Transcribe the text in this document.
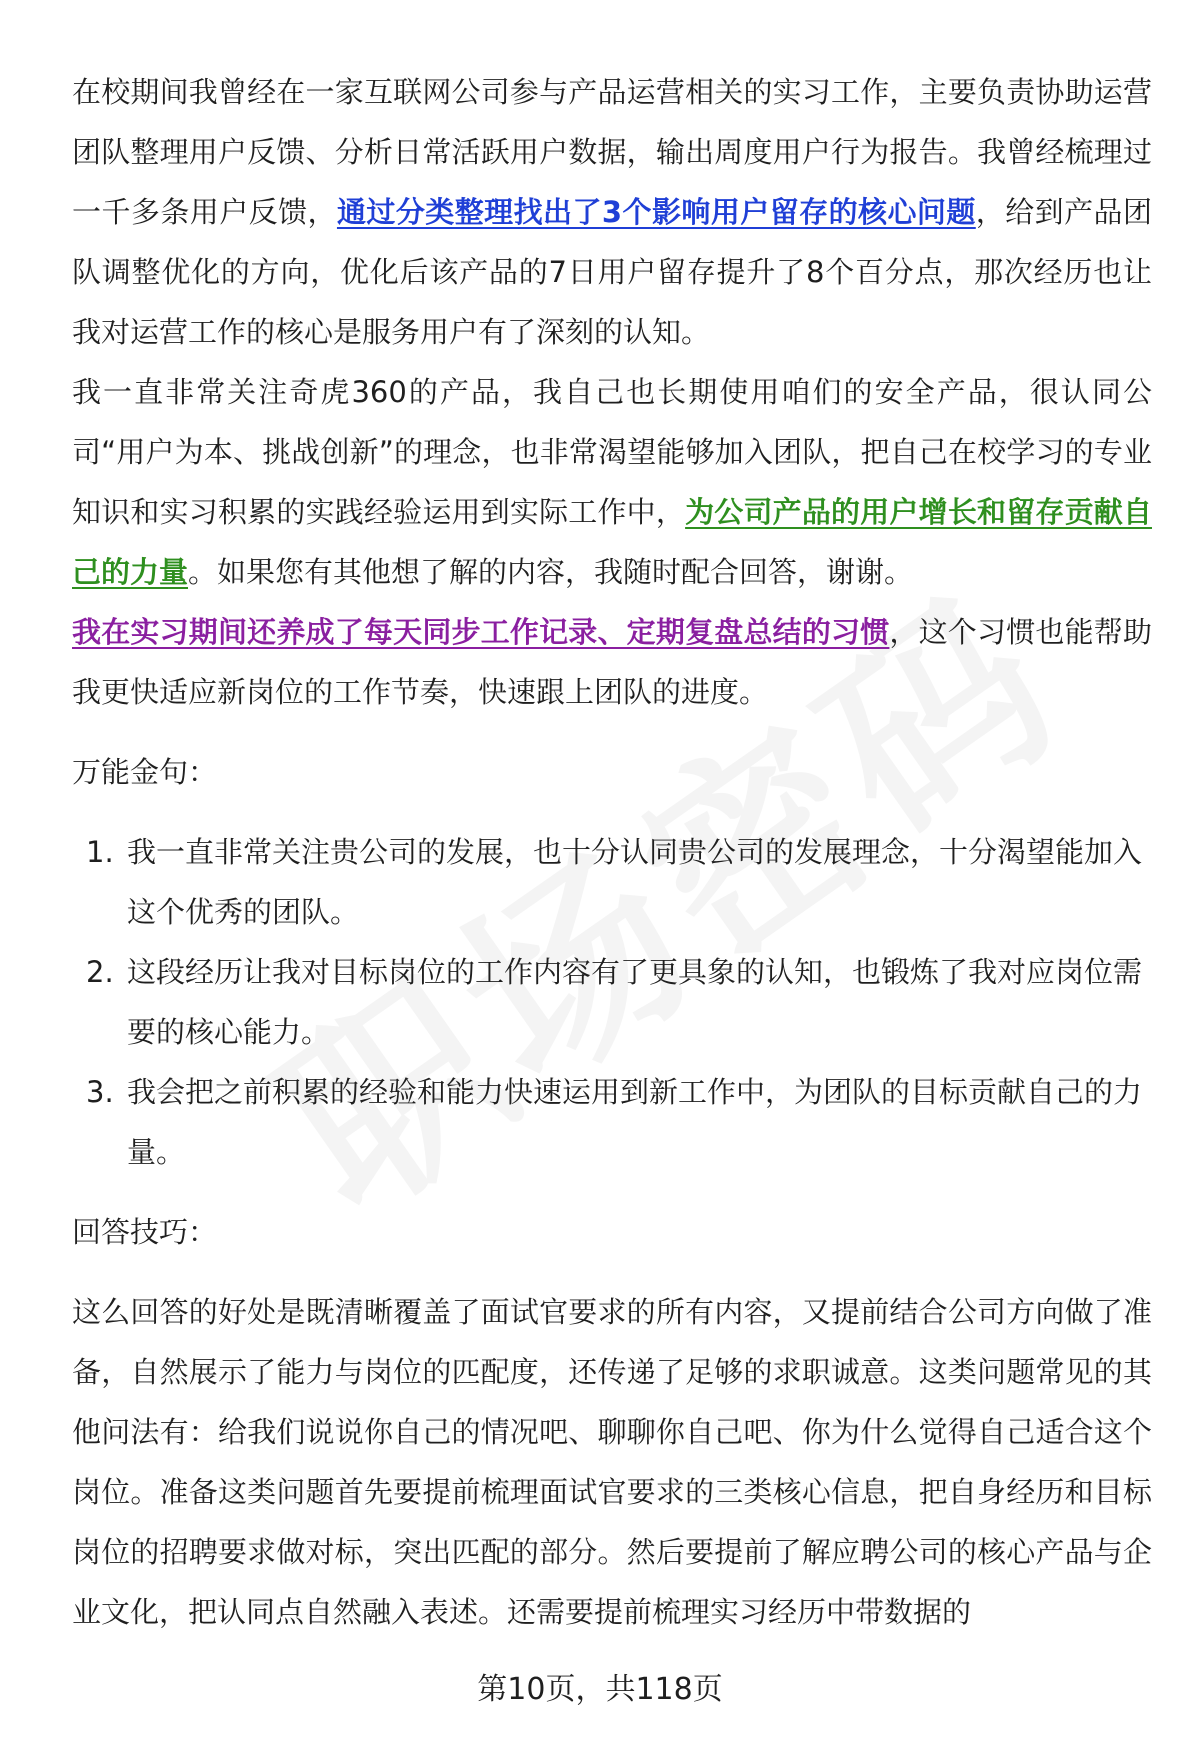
在校期间我曾经在一家互联网公司参与产品运营相关的实习工作，主要负责协助运营团队整理用户反馈、分析日常活跃用户数据，输出周度用户行为报告。我曾经梳理过一千多条用户反馈，通过分类整理找出了3个影响用户留存的核心问题，给到产品团队调整优化的方向，优化后该产品的7日用户留存提升了8个百分点，那次经历也让我对运营工作的核心是服务用户有了深刻的认知。

我一直非常关注奇虎360的产品，我自己也长期使用咱们的安全产品，很认同公司“用户为本、挑战创新”的理念，也非常渴望能够加入团队，把自己在校学习的专业知识和实习积累的实践经验运用到实际工作中，为公司产品的用户增长和留存贡献自己的力量。如果您有其他想了解的内容，我随时配合回答，谢谢。

我在实习期间还养成了每天同步工作记录、定期复盘总结的习惯，这个习惯也能帮助我更快适应新岗位的工作节奏，快速跟上团队的进度。

万能金句：

1. 我一直非常关注贵公司的发展，也十分认同贵公司的发展理念，十分渴望能加入这个优秀的团队。
2. 这段经历让我对目标岗位的工作内容有了更具象的认知，也锻炼了我对应岗位需要的核心能力。
3. 我会把之前积累的经验和能力快速运用到新工作中，为团队的目标贡献自己的力量。

回答技巧：

这么回答的好处是既清晰覆盖了面试官要求的所有内容，又提前结合公司方向做了准备，自然展示了能力与岗位的匹配度，还传递了足够的求职诚意。这类问题常见的其他问法有：给我们说说你自己的情况吧、聊聊你自己吧、你为什么觉得自己适合这个岗位。准备这类问题首先要提前梳理面试官要求的三类核心信息，把自身经历和目标岗位的招聘要求做对标，突出匹配的部分。然后要提前了解应聘公司的核心产品与企业文化，把认同点自然融入表述。还需要提前梳理实习经历中带数据的

第10页，共118页
